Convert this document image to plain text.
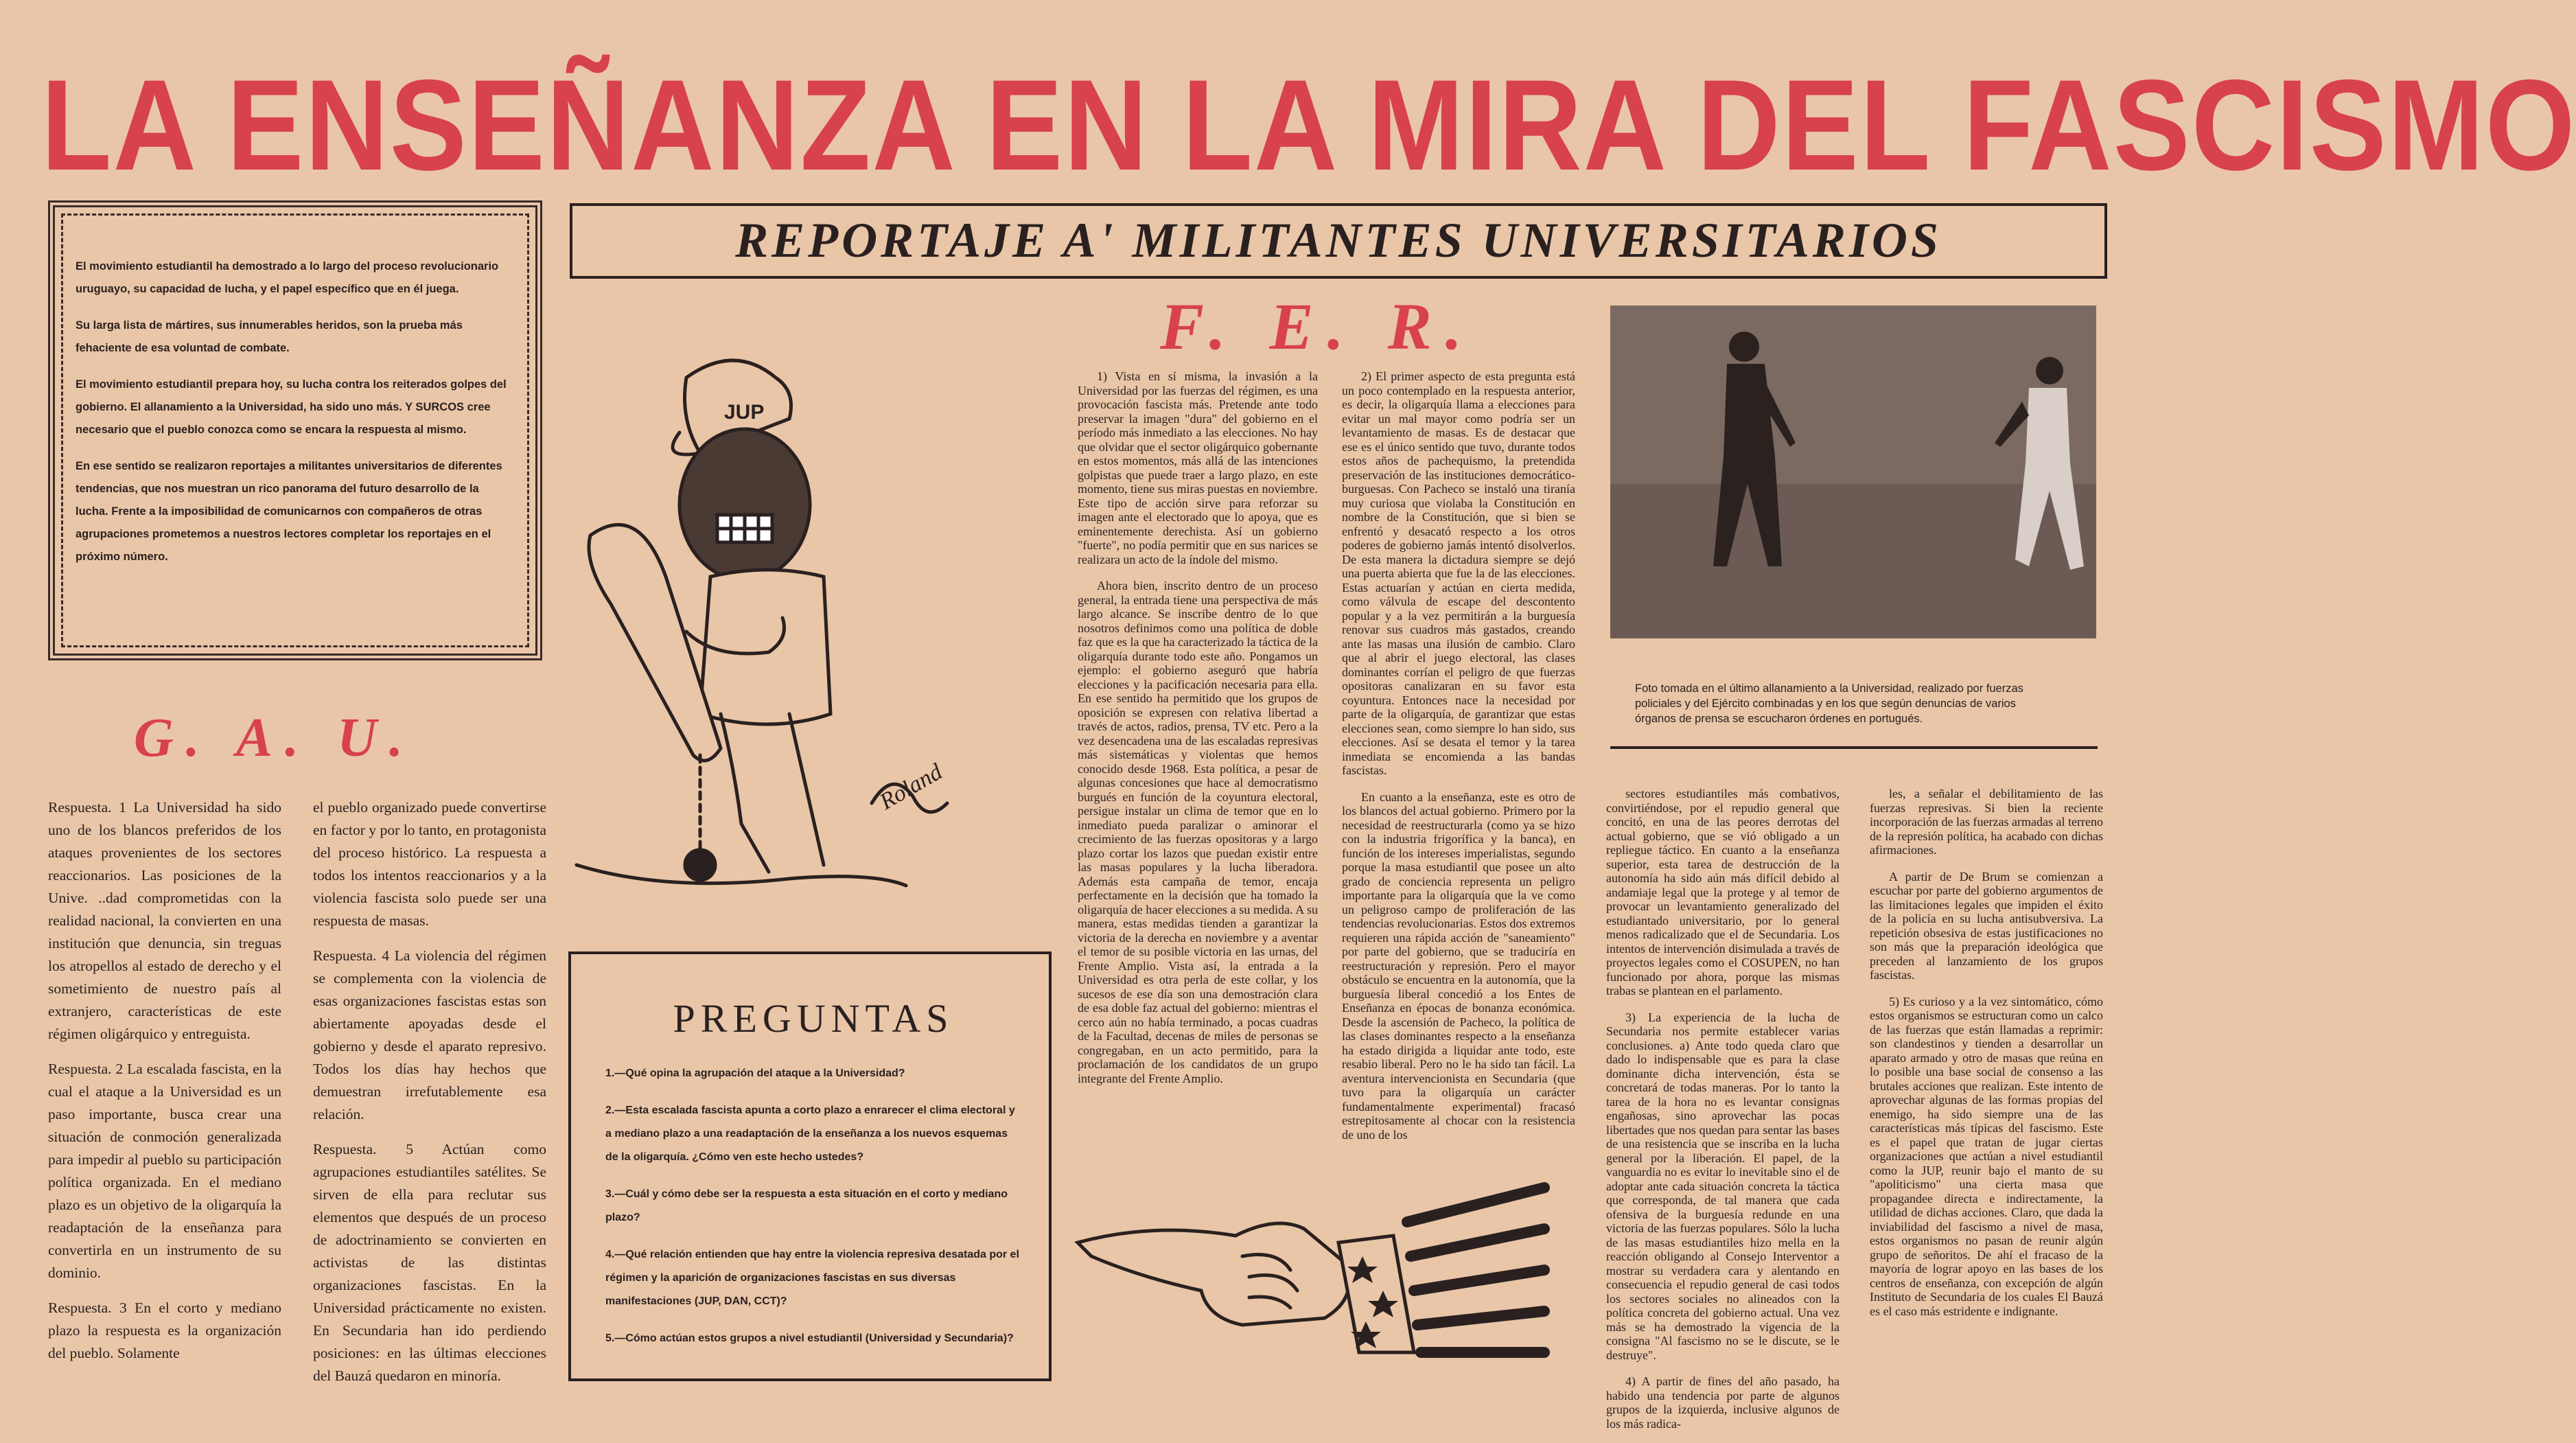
LA ENSEÑANZA EN LA MIRA DEL FASCISMO

El movimiento estudiantil ha demostrado a lo largo del proceso revolucionario uruguayo, su capacidad de lucha, y el papel específico que en él juega.

Su larga lista de mártires, sus innumerables heridos, son la prueba más fehaciente de esa voluntad de combate.

El movimiento estudiantil prepara hoy, su lucha contra los reiterados golpes del gobierno. El allanamiento a la Universidad, ha sido uno más. Y SURCOS cree necesario que el pueblo conozca como se encara la respuesta al mismo.

En ese sentido se realizaron reportajes a militantes universitarios de diferentes tendencias, que nos muestran un rico panorama del futuro desarrollo de la lucha. Frente a la imposibilidad de comunicarnos con compañeros de otras agrupaciones prometemos a nuestros lectores completar los reportajes en el próximo número.

REPORTAJE A' MILITANTES UNIVERSITARIOS
F. E. R.
G. A. U.
JUP
Roland
PREGUNTAS

1.—Qué opina la agrupación del ataque a la Universidad?

2.—Esta escalada fascista apunta a corto plazo a enrarecer el clima electoral y a mediano plazo a una readaptación de la enseñanza a los nuevos esquemas de la oligarquía. ¿Cómo ven este hecho ustedes?

3.—Cuál y cómo debe ser la respuesta a esta situación en el corto y mediano plazo?

4.—Qué relación entienden que hay entre la violencia represiva desatada por el régimen y la aparición de organizaciones fascistas en sus diversas manifestaciones (JUP, DAN, CCT)?

5.—Cómo actúan estos grupos a nivel estudiantil (Universidad y Secundaria)?

Foto tomada en el último allanamiento a la Universidad, realizado por fuerzas policiales y del Ejército combinadas y en los que según denuncias de varios órganos de prensa se escucharon órdenes en portugués.

Respuesta. 1 La Universidad ha sido uno de los blancos preferidos de los ataques provenientes de los sectores reaccionarios. Las posiciones de la Unive. ..dad comprometidas con la realidad nacional, la convierten en una institución que denuncia, sin treguas los atropellos al estado de derecho y el sometimiento de nuestro país al extranjero, características de este régimen oligárquico y entreguista.

Respuesta. 2 La escalada fascista, en la cual el ataque a la Universidad es un paso importante, busca crear una situación de conmoción generalizada para impedir al pueblo su participación política organizada. En el mediano plazo es un objetivo de la oligarquía la readaptación de la enseñanza para convertirla en un instrumento de su dominio.

Respuesta. 3 En el corto y mediano plazo la respuesta es la organización del pueblo. Solamente

el pueblo organizado puede convertirse en factor y por lo tanto, en protagonista del proceso histórico. La respuesta a todos los intentos reaccionarios y a la violencia fascista solo puede ser una respuesta de masas.

Respuesta. 4 La violencia del régimen se complementa con la violencia de esas organizaciones fascistas estas son abiertamente apoyadas desde el gobierno y desde el aparato represivo. Todos los días hay hechos que demuestran irrefutablemente esa relación.

Respuesta. 5 Actúan como agrupaciones estudiantiles satélites. Se sirven de ella para reclutar sus elementos que después de un proceso de adoctrinamiento se convierten en activistas de las distintas organizaciones fascistas. En la Universidad prácticamente no existen. En Secundaria han ido perdiendo posiciones: en las últimas elecciones del Bauzá quedaron en minoría.

1) Vista en sí misma, la invasión a la Universidad por las fuerzas del régimen, es una provocación fascista más. Pretende ante todo preservar la imagen "dura" del gobierno en el período más inmediato a las elecciones. No hay que olvidar que el sector oligárquico gobernante en estos momentos, más allá de las intenciones golpistas que puede traer a largo plazo, en este momento, tiene sus miras puestas en noviembre. Este tipo de acción sirve para reforzar su imagen ante el electorado que lo apoya, que es eminentemente derechista. Así un gobierno "fuerte", no podía permitir que en sus narices se realizara un acto de la índole del mismo.

Ahora bien, inscrito dentro de un proceso general, la entrada tiene una perspectiva de más largo alcance. Se inscribe dentro de lo que nosotros definimos como una política de doble faz que es la que ha caracterizado la táctica de la oligarquía durante todo este año. Pongamos un ejemplo: el gobierno aseguró que habría elecciones y la pacificación necesaria para ella. En ese sentido ha permitido que los grupos de oposición se expresen con relativa libertad a través de actos, radios, prensa, TV etc. Pero a la vez desencadena una de las escaladas represivas más sistemáticas y violentas que hemos conocido desde 1968. Esta política, a pesar de algunas concesiones que hace al democratismo burgués en función de la coyuntura electoral, persigue instalar un clima de temor que en lo inmediato pueda paralizar o aminorar el crecimiento de las fuerzas opositoras y a largo plazo cortar los lazos que puedan existir entre las masas populares y la lucha liberadora. Además esta campaña de temor, encaja perfectamente en la decisión que ha tomado la oligarquía de hacer elecciones a su medida. A su manera, estas medidas tienden a garantizar la victoria de la derecha en noviembre y a aventar el temor de su posible victoria en las urnas, del Frente Amplio. Vista así, la entrada a la Universidad es otra perla de este collar, y los sucesos de ese día son una demostración clara de esa doble faz actual del gobierno: mientras el cerco aún no había terminado, a pocas cuadras de la Facultad, decenas de miles de personas se congregaban, en un acto permitido, para la proclamación de los candidatos de un grupo integrante del Frente Amplio.

2) El primer aspecto de esta pregunta está un poco contemplado en la respuesta anterior, es decir, la oligarquía llama a elecciones para evitar un mal mayor como podría ser un levantamiento de masas. Es de destacar que ese es el único sentido que tuvo, durante todos estos años de pachequismo, la pretendida preservación de las instituciones democrático-burguesas. Con Pacheco se instaló una tiranía muy curiosa que violaba la Constitución en nombre de la Constitución, que si bien se enfrentó y desacató respecto a los otros poderes de gobierno jamás intentó disolverlos. De esta manera la dictadura siempre se dejó una puerta abierta que fue la de las elecciones. Estas actuarían y actúan en cierta medida, como válvula de escape del descontento popular y a la vez permitirán a la burguesía renovar sus cuadros más gastados, creando ante las masas una ilusión de cambio. Claro que al abrir el juego electoral, las clases dominantes corrían el peligro de que fuerzas opositoras canalizaran en su favor esta coyuntura. Entonces nace la necesidad por parte de la oligarquía, de garantizar que estas elecciones sean, como siempre lo han sido, sus elecciones. Así se desata el temor y la tarea inmediata se encomienda a las bandas fascistas.

En cuanto a la enseñanza, este es otro de los blancos del actual gobierno. Primero por la necesidad de reestructurarla (como ya se hizo con la industria frigorífica y la banca), en función de los intereses imperialistas, segundo porque la masa estudiantil que posee un alto grado de conciencia representa un peligro importante para la oligarquía que la ve como un peligroso campo de proliferación de las tendencias revolucionarias. Estos dos extremos requieren una rápida acción de "saneamiento" por parte del gobierno, que se traduciría en reestructuración y represión. Pero el mayor obstáculo se encuentra en la autonomía, que la burguesía liberal concedió a los Entes de Enseñanza en épocas de bonanza económica. Desde la ascensión de Pacheco, la política de las clases dominantes respecto a la enseñanza ha estado dirigida a liquidar ante todo, este resabio liberal. Pero no le ha sido tan fácil. La aventura intervencionista en Secundaria (que tuvo para la oligarquía un carácter fundamentalmente experimental) fracasó estrepitosamente al chocar con la resistencia de uno de los

sectores estudiantiles más combativos, convirtiéndose, por el repudio general que concitó, en una de las peores derrotas del actual gobierno, que se vió obligado a un repliegue táctico. En cuanto a la enseñanza superior, esta tarea de destrucción de la autonomía ha sido aún más difícil debido al andamiaje legal que la protege y al temor de provocar un levantamiento generalizado del estudiantado universitario, por lo general menos radicalizado que el de Secundaria. Los intentos de intervención disimulada a través de proyectos legales como el COSUPEN, no han funcionado por ahora, porque las mismas trabas se plantean en el parlamento.

3) La experiencia de la lucha de Secundaria nos permite establecer varias conclusiones. a) Ante todo queda claro que dado lo indispensable que es para la clase dominante dicha intervención, ésta se concretará de todas maneras. Por lo tanto la tarea de la hora no es levantar consignas engañosas, sino aprovechar las pocas libertades que nos quedan para sentar las bases de una resistencia que se inscriba en la lucha general por la liberación. El papel, de la vanguardia no es evitar lo inevitable sino el de adoptar ante cada situación concreta la táctica que corresponda, de tal manera que cada ofensiva de la burguesía redunde en una victoria de las fuerzas populares. Sólo la lucha de las masas estudiantiles hizo mella en la reacción obligando al Consejo Interventor a mostrar su verdadera cara y alentando en consecuencia el repudio general de casi todos los sectores sociales no alineados con la política concreta del gobierno actual. Una vez más se ha demostrado la vigencia de la consigna "Al fascismo no se le discute, se le destruye".

4) A partir de fines del año pasado, ha habido una tendencia por parte de algunos grupos de la izquierda, inclusive algunos de los más radica-

les, a señalar el debilitamiento de las fuerzas represivas. Si bien la reciente incorporación de las fuerzas armadas al terreno de la represión política, ha acabado con dichas afirmaciones.

A partir de De Brum se comienzan a escuchar por parte del gobierno argumentos de las limitaciones legales que impiden el éxito de la policía en su lucha antisubversiva. La repetición obsesiva de estas justificaciones no son más que la preparación ideológica que preceden al lanzamiento de los grupos fascistas.

5) Es curioso y a la vez sintomático, cómo estos organismos se estructuran como un calco de las fuerzas que están llamadas a reprimir: son clandestinos y tienden a desarrollar un aparato armado y otro de masas que reúna en lo posible una base social de consenso a las brutales acciones que realizan. Este intento de aprovechar algunas de las formas propias del enemigo, ha sido siempre una de las características más típicas del fascismo. Este es el papel que tratan de jugar ciertas organizaciones que actúan a nivel estudiantil como la JUP, reunir bajo el manto de su "apoliticismo" una cierta masa que propagandee directa e indirectamente, la utilidad de dichas acciones. Claro, que dada la inviabilidad del fascismo a nivel de masa, estos organismos no pasan de reunir algún grupo de señoritos. De ahí el fracaso de la mayoría de lograr apoyo en las bases de los centros de enseñanza, con excepción de algún Instituto de Secundaria de los cuales El Bauzá es el caso más estridente e indignante.
